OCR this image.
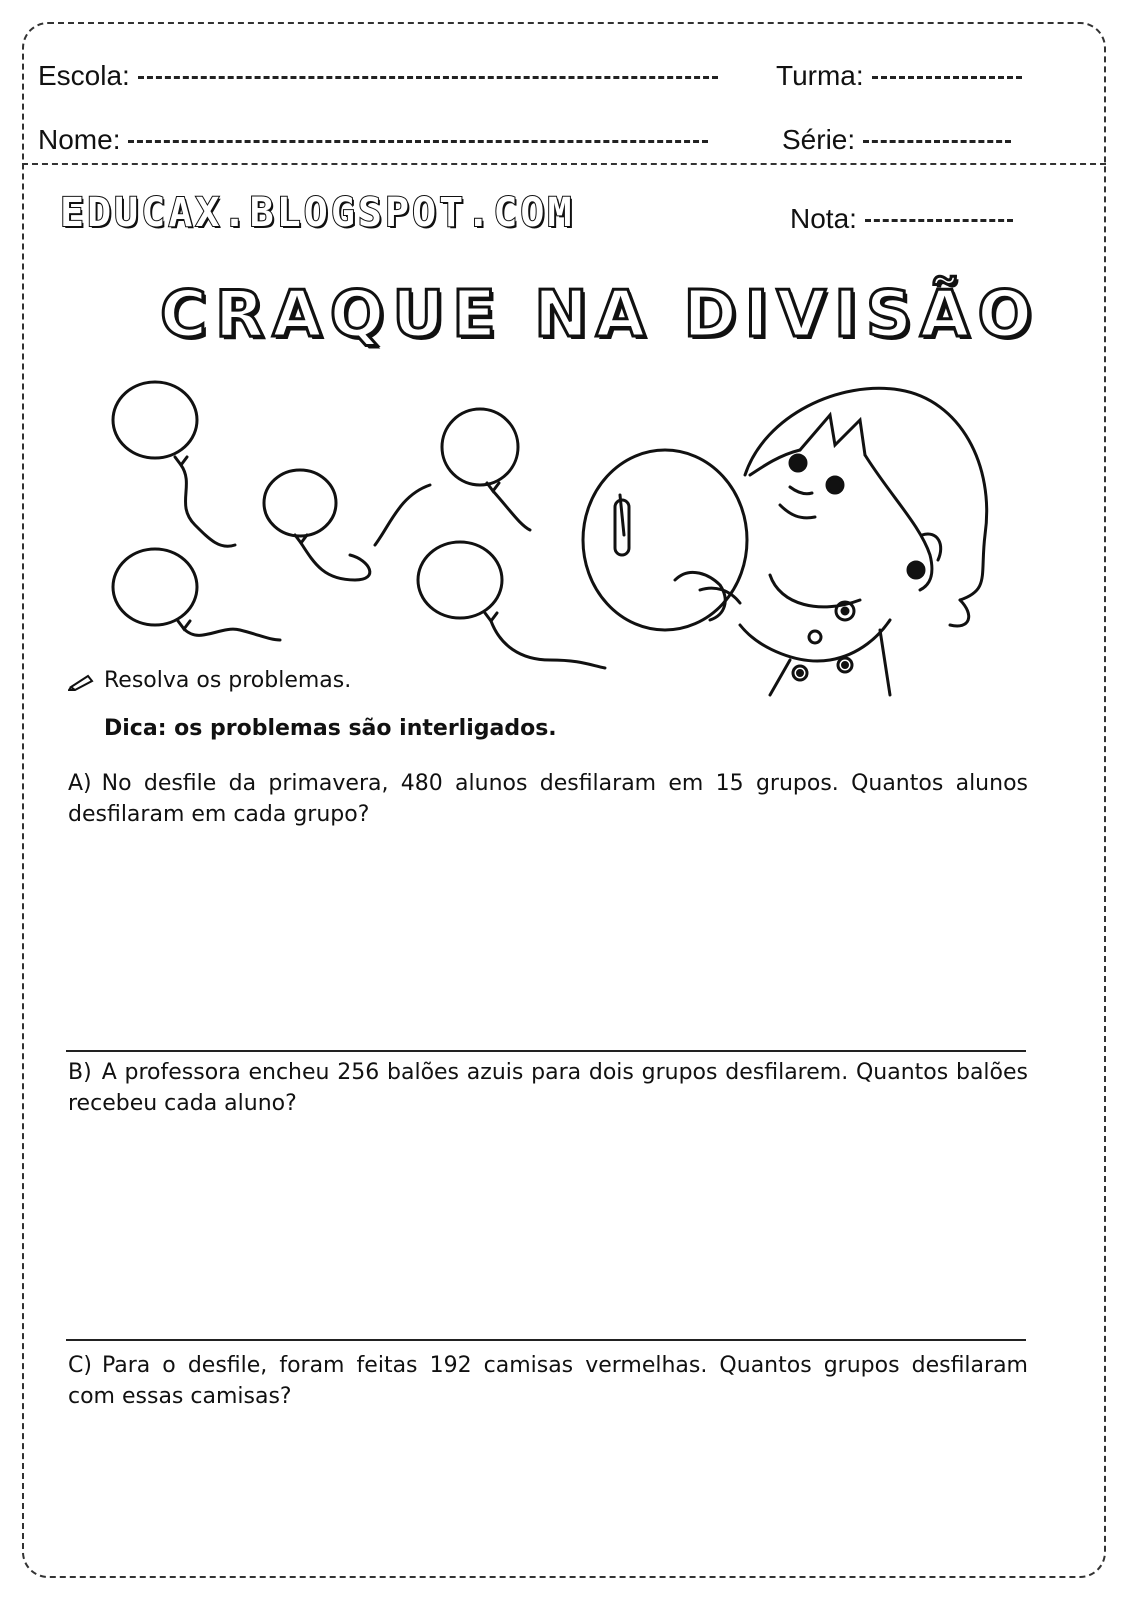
Escola:	Turma:
Nome:	Série:
Nota:
EDUCAX.BLOGSPOT.COM
CRAQUE NA DIVISÃO
Resolva os problemas.
Dica: os problemas são interligados.
A) No desfile da primavera, 480 alunos desfilaram em 15 grupos. Quantos alunos desfilaram em cada grupo?
B) A professora encheu 256 balões azuis para dois grupos desfilarem. Quantos balões recebeu cada aluno?
C) Para o desfile, foram feitas 192 camisas vermelhas. Quantos grupos desfilaram com essas camisas?
